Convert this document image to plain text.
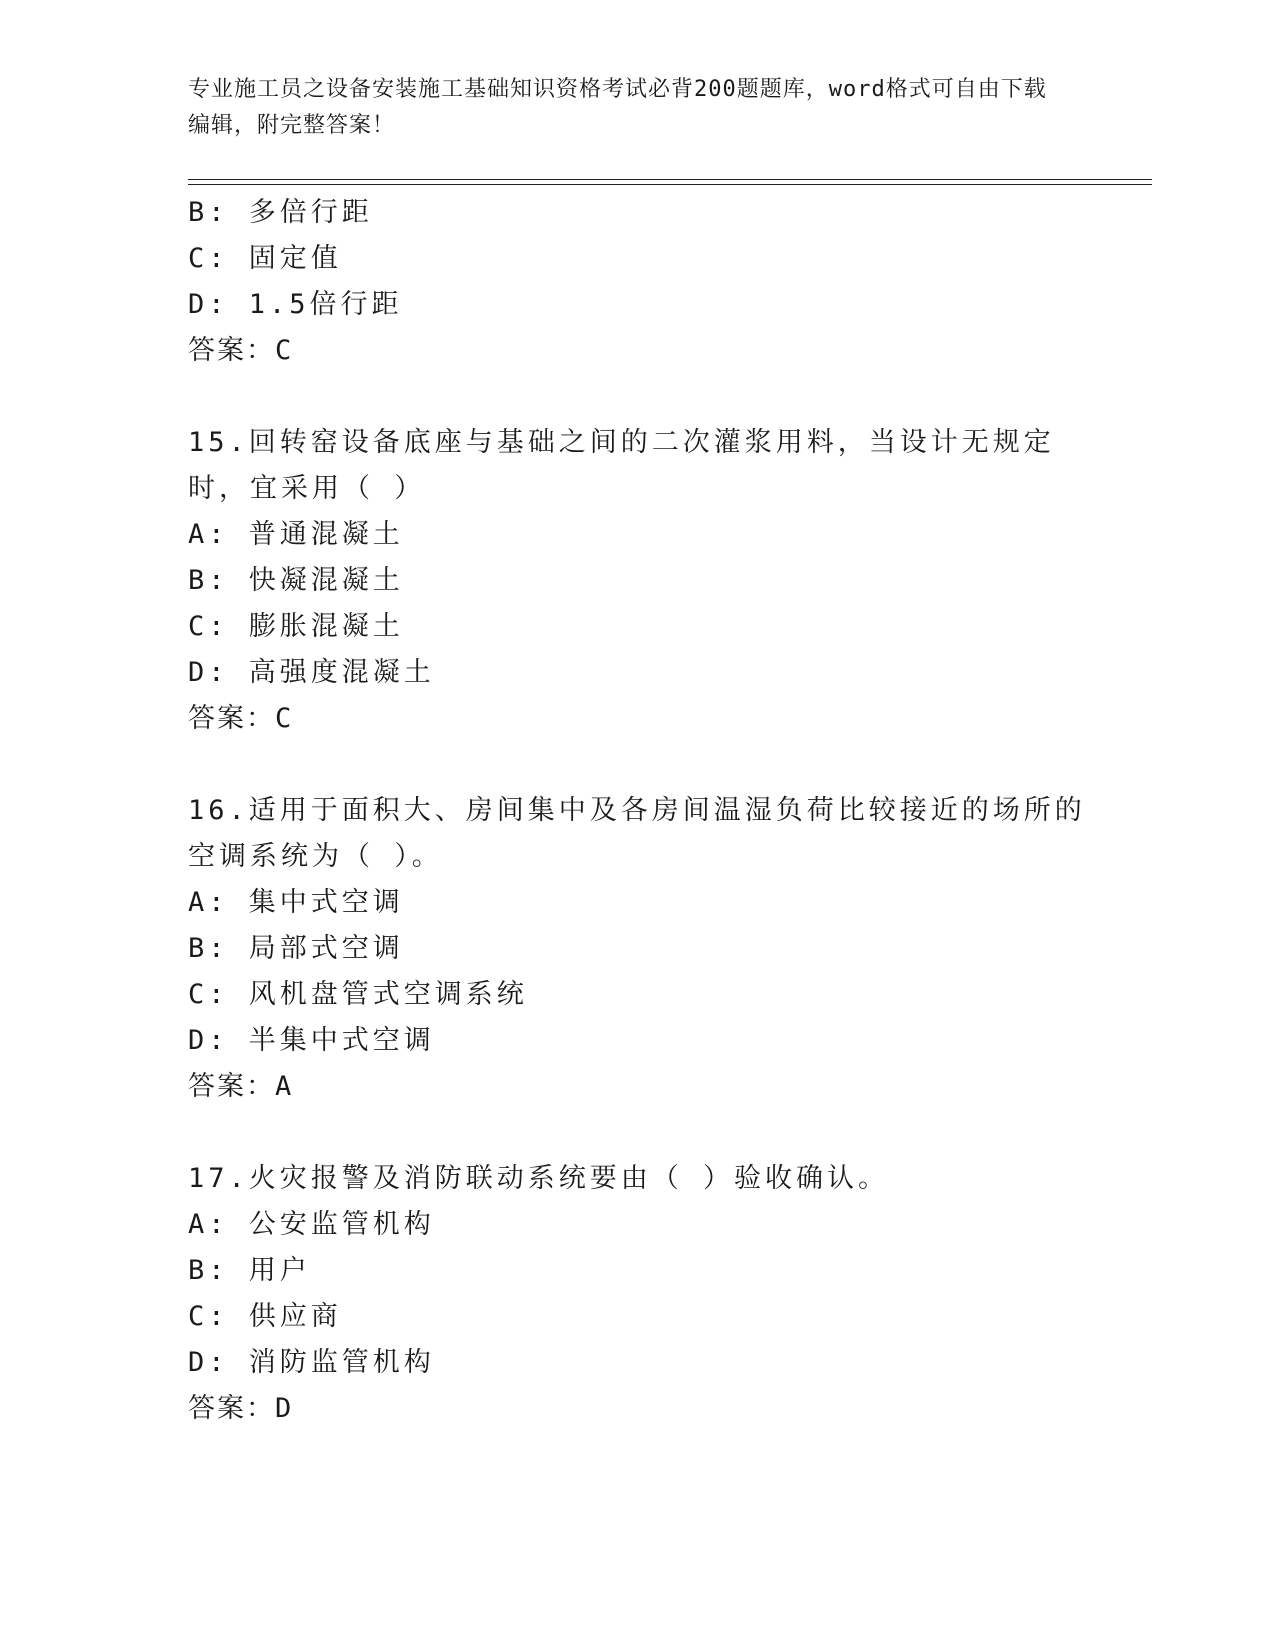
专业施工员之设备安装施工基础知识资格考试必背200题题库，word格式可自由下载编辑，附完整答案！
B: 多倍行距
C: 固定值
D: 1.5倍行距
答案：C
15.回转窑设备底座与基础之间的二次灌浆用料，当设计无规定时，宜采用（ ）
A: 普通混凝土
B: 快凝混凝土
C: 膨胀混凝土
D: 高强度混凝土
答案：C
16.适用于面积大、房间集中及各房间温湿负荷比较接近的场所的空调系统为（ ）。
A: 集中式空调
B: 局部式空调
C: 风机盘管式空调系统
D: 半集中式空调
答案：A
17.火灾报警及消防联动系统要由（ ）验收确认。
A: 公安监管机构
B: 用户
C: 供应商
D: 消防监管机构
答案：D
